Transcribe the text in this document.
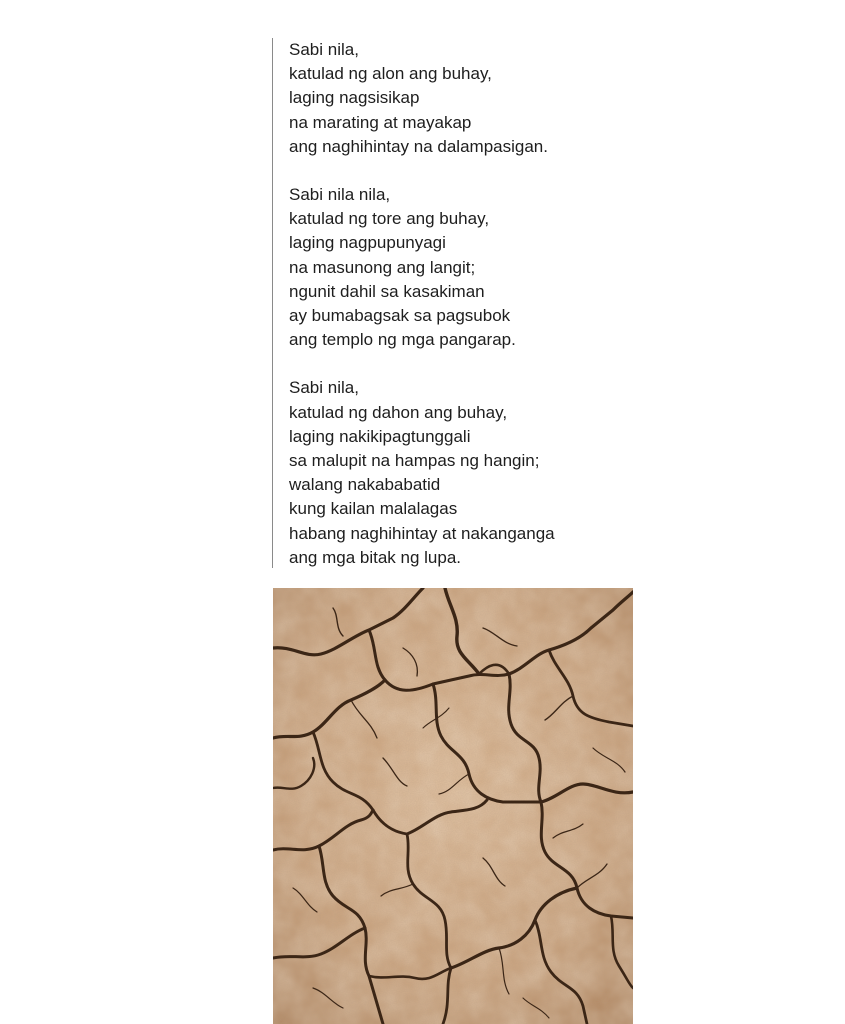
Sabi nila,
katulad ng alon ang buhay,
laging nagsisikap
na marating at mayakap
ang naghihintay na dalampasigan.
Sabi nila nila,
katulad ng tore ang buhay,
laging nagpupunyagi
na masunong ang langit;
ngunit dahil sa kasakiman
ay bumabagsak sa pagsubok
ang templo ng mga pangarap.
Sabi nila,
katulad ng dahon ang buhay,
laging nakikipagtunggali
sa malupit na hampas ng hangin;
walang nakababatid
kung kailan malalagas
habang naghihintay at nakanganga
ang mga bitak ng lupa.
